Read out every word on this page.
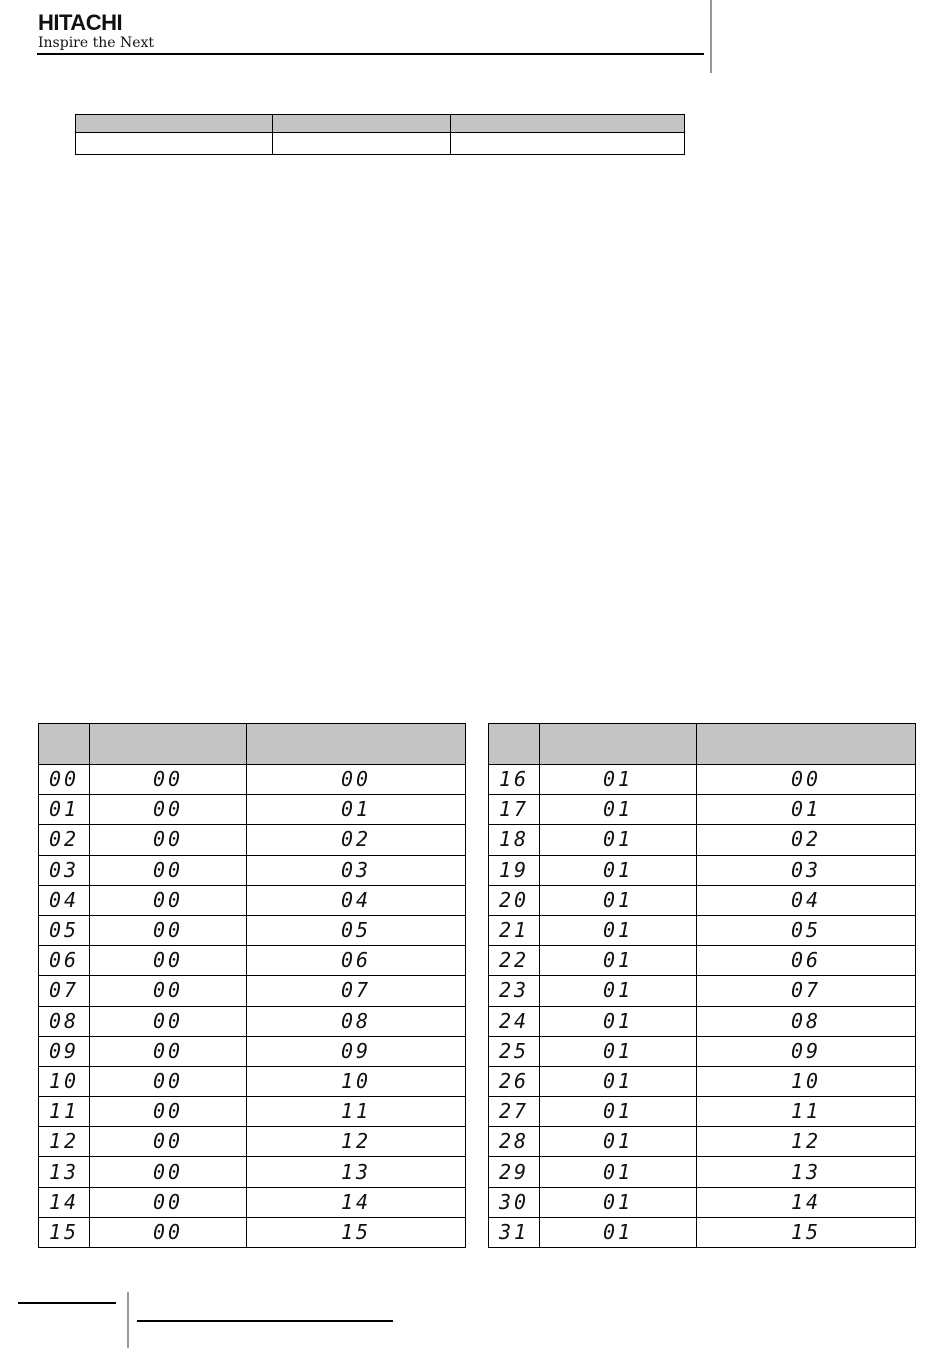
HITACHI
Inspire the Next

00	00	00
01	00	01
02	00	02
03	00	03
04	00	04
05	00	05
06	00	06
07	00	07
08	00	08
09	00	09
10	00	10
11	00	11
12	00	12
13	00	13
14	00	14
15	00	15

16	01	00
17	01	01
18	01	02
19	01	03
20	01	04
21	01	05
22	01	06
23	01	07
24	01	08
25	01	09
26	01	10
27	01	11
28	01	12
29	01	13
30	01	14
31	01	15
